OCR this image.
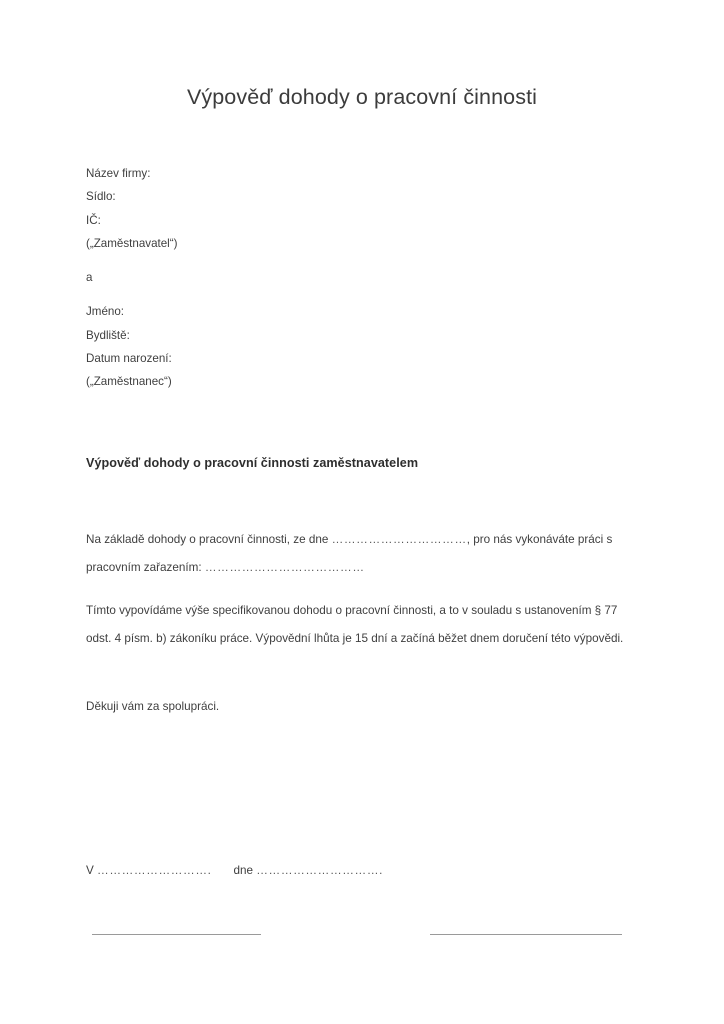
Výpověď dohody o pracovní činnosti
Název firmy:
Sídlo:
IČ:
(„Zaměstnavatel“)
a
Jméno:
Bydliště:
Datum narození:
(„Zaměstnanec“)
Výpověď dohody o pracovní činnosti zaměstnavatelem
Na základě dohody o pracovní činnosti, ze dne ……………………………, pro nás vykonáváte práci s pracovním zařazením: …………………………………
Tímto vypovídáme výše specifikovanou dohodu o pracovní činnosti, a to v souladu s ustanovením § 77 odst. 4 písm. b) zákoníku práce. Výpovědní lhůta je 15 dní a začíná běžet dnem doručení této výpovědi.
Děkuji vám za spolupráci.
V ………………………. dne ………………………….
